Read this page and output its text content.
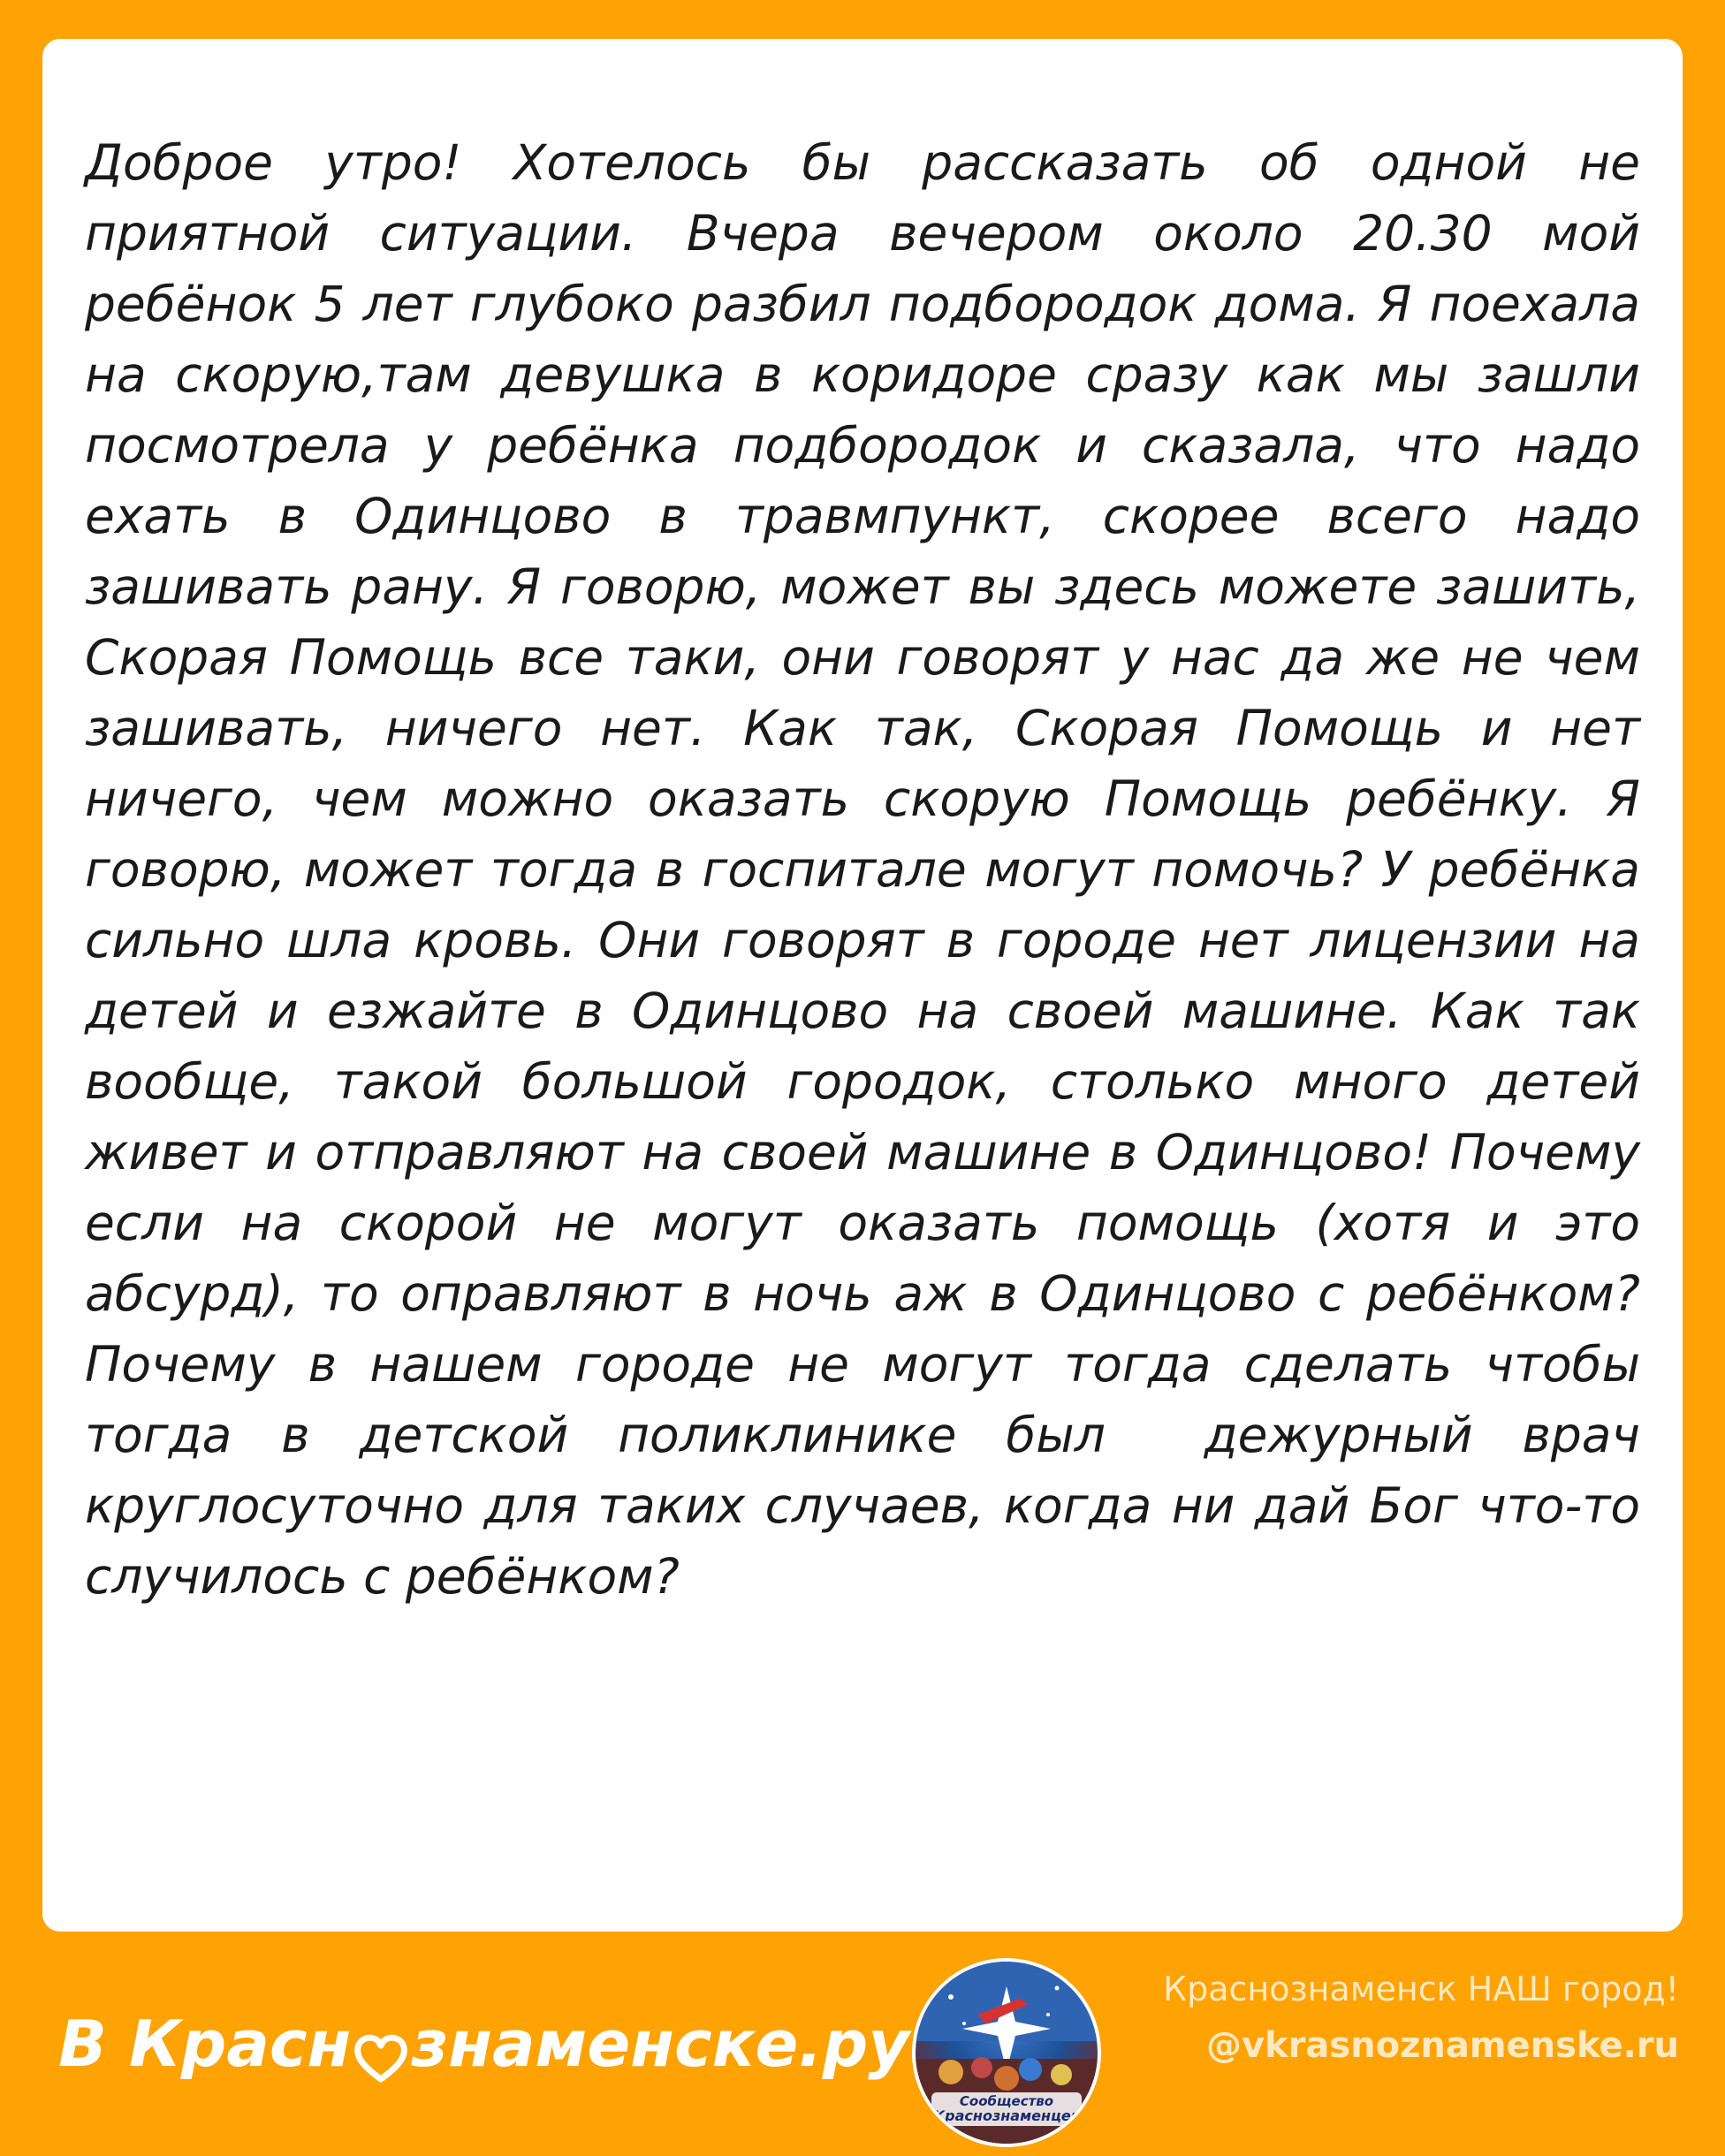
Доброе утро! Хотелось бы рассказать об одной не приятной ситуации. Вчера вечером около 20.30 мой ребёнок 5 лет глубоко разбил подбородок дома. Я поехала на скорую,там девушка в коридоре сразу как мы зашли посмотрела у ребёнка подбородок и сказала, что надо ехать в Одинцово в травмпункт, скорее всего надо зашивать рану. Я говорю, может вы здесь можете зашить, Скорая Помощь все таки, они говорят у нас да же не чем зашивать, ничего нет. Как так, Скорая Помощь и нет ничего, чем можно оказать скорую Помощь ребёнку. Я говорю, может тогда в госпитале могут помочь? У ребёнка сильно шла кровь. Они говорят в городе нет лицензии на детей и езжайте в Одинцово на своей машине. Как так вообще, такой большой городок, столько много детей живет и отправляют на своей машине в Одинцово! Почему если на скорой не могут оказать помощь (хотя и это абсурд), то оправляют в ночь аж в Одинцово с ребёнком? Почему в нашем городе не могут тогда сделать чтобы тогда в детской поликлинике был  дежурный врач круглосуточно для таких случаев, когда ни дай Бог что-то случилось с ребёнком?

В Красн знаменске.ру
Сообщество
Краснознаменцев
Краснознаменск НАШ город!
@vkrasnoznamenske.ru
